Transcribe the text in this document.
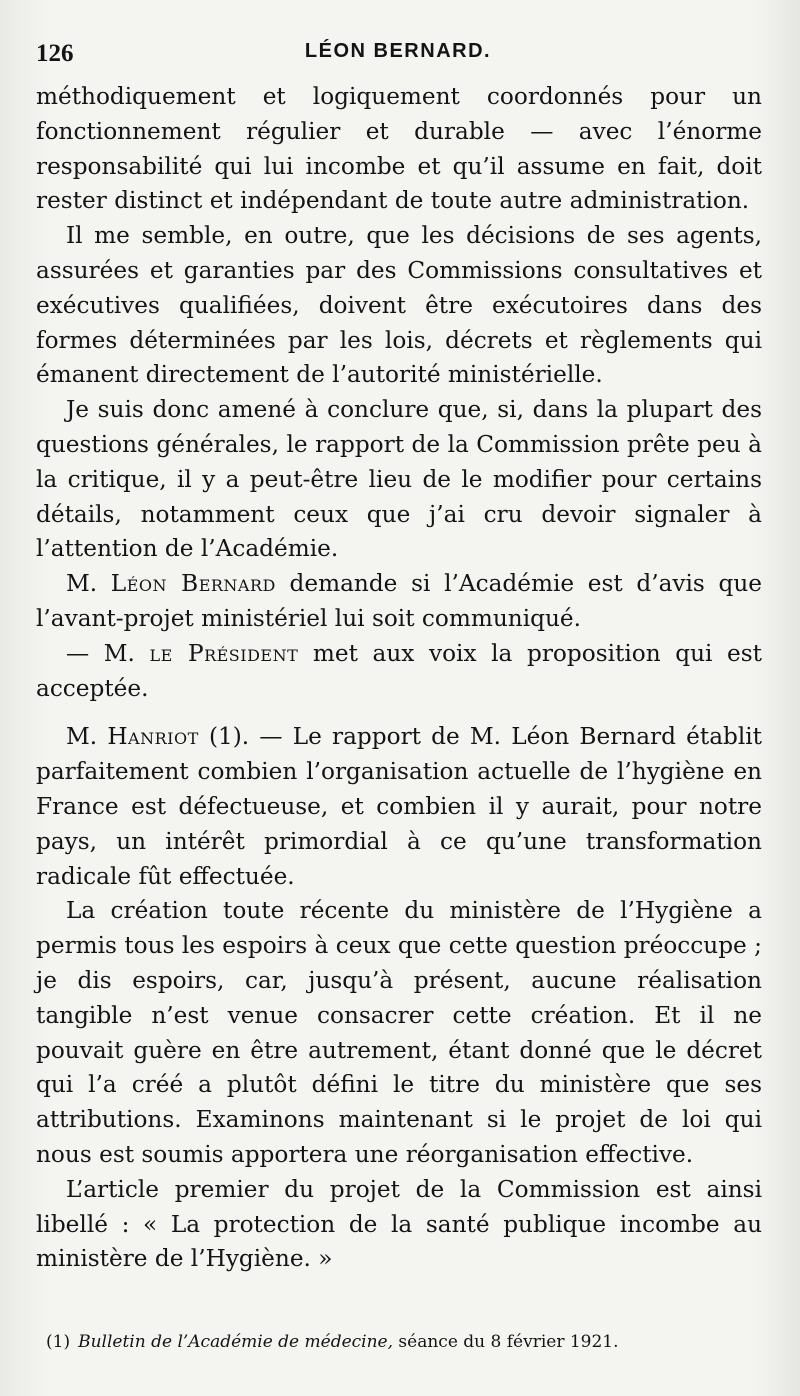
126	LÉON BERNARD.

méthodiquement et logiquement coordonnés pour un fonctionnement régulier et durable — avec l’énorme responsabilité qui lui incombe et qu’il assume en fait, doit rester distinct et indépendant de toute autre administration.

Il me semble, en outre, que les décisions de ses agents, assurées et garanties par des Commissions consultatives et exécutives qualifiées, doivent être exécutoires dans des formes déterminées par les lois, décrets et règlements qui émanent directement de l’autorité ministérielle.

Je suis donc amené à conclure que, si, dans la plupart des questions générales, le rapport de la Commission prête peu à la critique, il y a peut-être lieu de le modifier pour certains détails, notamment ceux que j’ai cru devoir signaler à l’attention de l’Académie.

M. Léon Bernard demande si l’Académie est d’avis que l’avant-projet ministériel lui soit communiqué.

— M. le Président met aux voix la proposition qui est acceptée.

M. Hanriot (1). — Le rapport de M. Léon Bernard établit parfaitement combien l’organisation actuelle de l’hygiène en France est défectueuse, et combien il y aurait, pour notre pays, un intérêt primordial à ce qu’une transformation radicale fût effectuée.

La création toute récente du ministère de l’Hygiène a permis tous les espoirs à ceux que cette question préoccupe ; je dis espoirs, car, jusqu’à présent, aucune réalisation tangible n’est venue consacrer cette création. Et il ne pouvait guère en être autrement, étant donné que le décret qui l’a créé a plutôt défini le titre du ministère que ses attributions. Examinons maintenant si le projet de loi qui nous est soumis apportera une réorganisation effective.

L’article premier du projet de la Commission est ainsi libellé : « La protection de la santé publique incombe au ministère de l’Hygiène. »

(1) Bulletin de l’Académie de médecine, séance du 8 février 1921.
